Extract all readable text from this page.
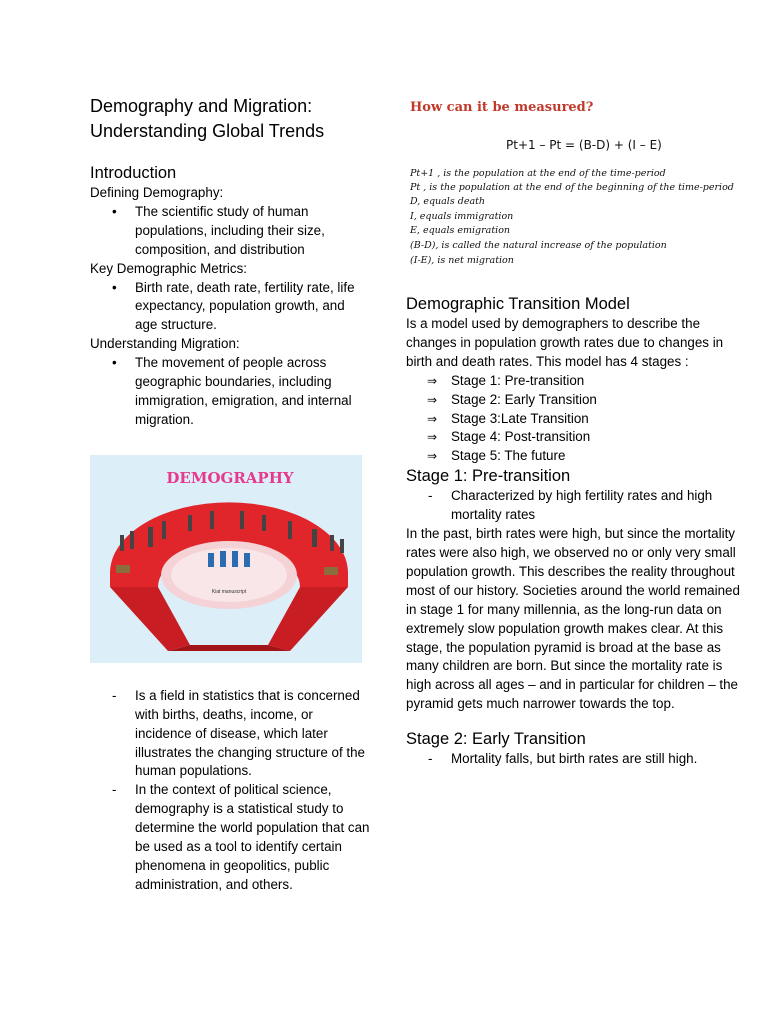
Demography and Migration: Understanding Global Trends
Introduction

Defining Demography:

• The scientific study of human populations, including their size, composition, and distribution

Key Demographic Metrics:

• Birth rate, death rate, fertility rate, life expectancy, population growth, and age structure.

Understanding Migration:

• The movement of people across geographic boundaries, including immigration, emigration, and internal migration.
DEMOGRAPHY
Kiat manuscript
- Is a field in statistics that is concerned with births, deaths, income, or incidence of disease, which later illustrates the changing structure of the human populations.
- In the context of political science, demography is a statistical study to determine the world population that can be used as a tool to identify certain phenomena in geopolitics, public administration, and others.
How can it be measured?
Pt+1 – Pt = (B-D) + (I – E)
Pt+1 , is the population at the end of the time-period
Pt , is the population at the end of the beginning of the time-period
D, equals death
I, equals immigration
E, equals emigration
(B-D), is called the natural increase of the population
(I-E), is net migration
Demographic Transition Model

Is a model used by demographers to describe the changes in population growth rates due to changes in birth and death rates. This model has 4 stages :

⇒ Stage 1: Pre-transition
⇒ Stage 2: Early Transition
⇒ Stage 3:Late Transition
⇒ Stage 4: Post-transition
⇒ Stage 5: The future
Stage 1: Pre-transition
- Characterized by high fertility rates and high mortality rates

In the past, birth rates were high, but since the mortality rates were also high, we observed no or only very small population growth. This describes the reality throughout most of our history. Societies around the world remained in stage 1 for many millennia, as the long-run data on extremely slow population growth makes clear. At this stage, the population pyramid is broad at the base as many children are born. But since the mortality rate is high across all ages – and in particular for children – the pyramid gets much narrower towards the top.

Stage 2: Early Transition
- Mortality falls, but birth rates are still high.
